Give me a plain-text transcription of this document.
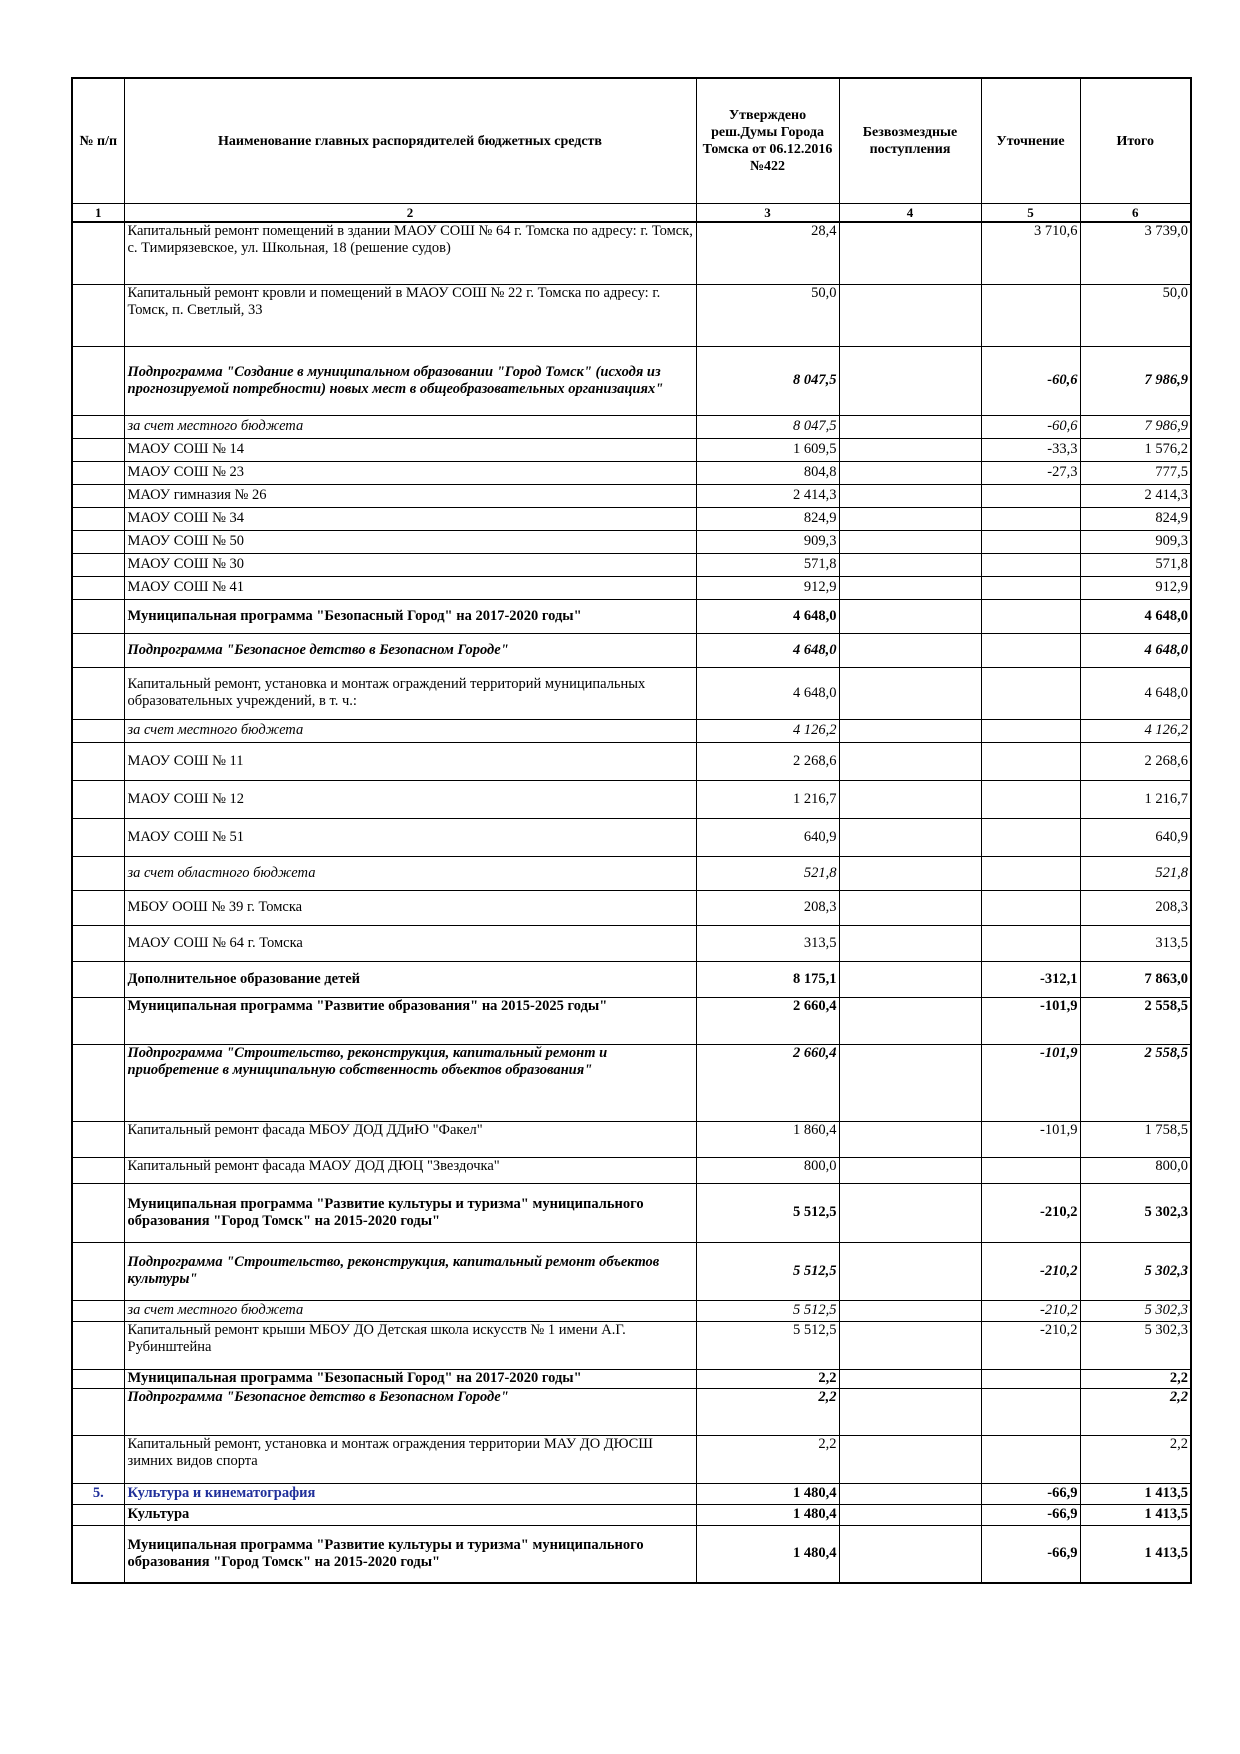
№ п/п	Наименование главных распорядителей бюджетных средств	Утверждено реш.Думы Города Томска от 06.12.2016 №422	Безвозмездные поступления	Уточнение	Итого
1	2	3	4	5	6
	Капитальный ремонт помещений в здании МАОУ СОШ № 64 г. Томска по адресу: г. Томск, с. Тимирязевское, ул. Школьная, 18 (решение судов)	28,4		3 710,6	3 739,0
	Капитальный ремонт кровли и помещений в МАОУ СОШ № 22 г. Томска по адресу: г. Томск, п. Светлый, 33	50,0			50,0
	Подпрограмма "Создание в муниципальном образовании "Город Томск" (исходя из прогнозируемой потребности) новых мест в общеобразовательных организациях"	8 047,5		-60,6	7 986,9
	за счет местного бюджета	8 047,5		-60,6	7 986,9
	МАОУ СОШ № 14	1 609,5		-33,3	1 576,2
	МАОУ СОШ № 23	804,8		-27,3	777,5
	МАОУ гимназия № 26	2 414,3			2 414,3
	МАОУ СОШ № 34	824,9			824,9
	МАОУ СОШ № 50	909,3			909,3
	МАОУ СОШ № 30	571,8			571,8
	МАОУ СОШ № 41	912,9			912,9
	Муниципальная программа "Безопасный Город" на 2017-2020 годы"	4 648,0			4 648,0
	Подпрограмма "Безопасное детство в Безопасном Городе"	4 648,0			4 648,0
	Капитальный ремонт, установка и монтаж ограждений территорий муниципальных образовательных учреждений, в т. ч.:	4 648,0			4 648,0
	за счет местного бюджета	4 126,2			4 126,2
	МАОУ СОШ № 11	2 268,6			2 268,6
	МАОУ СОШ № 12	1 216,7			1 216,7
	МАОУ СОШ № 51	640,9			640,9
	за счет областного бюджета	521,8			521,8
	МБОУ ООШ № 39 г. Томска	208,3			208,3
	МАОУ СОШ № 64 г. Томска	313,5			313,5
	Дополнительное образование детей	8 175,1		-312,1	7 863,0
	Муниципальная программа "Развитие образования" на 2015-2025 годы"	2 660,4		-101,9	2 558,5
	Подпрограмма "Строительство, реконструкция, капитальный ремонт и приобретение в муниципальную собственность объектов образования"	2 660,4		-101,9	2 558,5
	Капитальный ремонт фасада МБОУ ДОД ДДиЮ "Факел"	1 860,4		-101,9	1 758,5
	Капитальный ремонт фасада МАОУ ДОД ДЮЦ "Звездочка"	800,0			800,0
	Муниципальная программа "Развитие культуры и туризма" муниципального образования "Город Томск" на 2015-2020 годы"	5 512,5		-210,2	5 302,3
	Подпрограмма "Строительство, реконструкция, капитальный ремонт объектов культуры"	5 512,5		-210,2	5 302,3
	за счет местного бюджета	5 512,5		-210,2	5 302,3
	Капитальный ремонт крыши МБОУ ДО Детская школа искусств № 1 имени А.Г. Рубинштейна	5 512,5		-210,2	5 302,3
	Муниципальная программа "Безопасный Город" на 2017-2020 годы"	2,2			2,2
	Подпрограмма "Безопасное детство в Безопасном Городе"	2,2			2,2
	Капитальный ремонт, установка и монтаж ограждения территории МАУ ДО ДЮСШ зимних видов спорта	2,2			2,2
5.	Культура и кинематография	1 480,4		-66,9	1 413,5
	Культура	1 480,4		-66,9	1 413,5
	Муниципальная программа "Развитие культуры и туризма" муниципального образования "Город Томск" на 2015-2020 годы"	1 480,4		-66,9	1 413,5
